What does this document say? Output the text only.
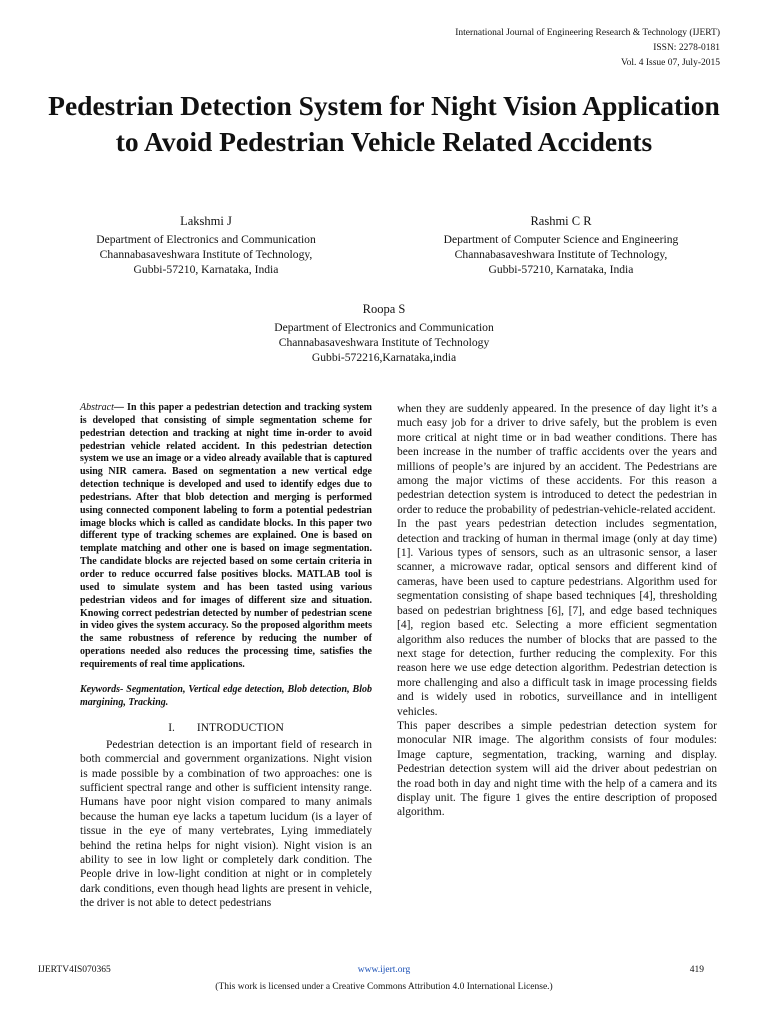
International Journal of Engineering Research & Technology (IJERT)
ISSN: 2278-0181
Vol. 4 Issue 07, July-2015
Pedestrian Detection System for Night Vision Application to Avoid Pedestrian Vehicle Related Accidents
Lakshmi J
Department of Electronics and Communication
Channabasaveshwara Institute of Technology,
Gubbi-57210, Karnataka, India
Rashmi C R
Department of Computer Science and Engineering
Channabasaveshwara Institute of Technology,
Gubbi-57210, Karnataka, India
Roopa S
Department of Electronics and Communication
Channabasaveshwara Institute of Technology
Gubbi-572216,Karnataka,india

Abstract— In this paper a pedestrian detection and tracking system is developed that consisting of simple segmentation scheme for pedestrian detection and tracking at night time in-order to avoid pedestrian vehicle related accident. In this pedestrian detection system we use an image or a video already available that is captured using NIR camera. Based on segmentation a new vertical edge detection technique is developed and used to identify edges due to pedestrians. After that blob detection and merging is performed using connected component labeling to form a potential pedestrian image blocks which is called as candidate blocks. In this paper two different type of tracking schemes are explained. One is based on template matching and other one is based on image segmentation. The candidate blocks are rejected based on some certain criteria in order to reduce occurred false positives blocks. MATLAB tool is used to simulate system and has been tasted using various pedestrian videos and for images of different size and situation. Knowing correct pedestrian detected by number of pedestrian scene in video gives the system accuracy. So the proposed algorithm meets the same robustness of reference by reducing the number of operations needed also reduces the processing time, satisfies the requirements of real time applications.

Keywords- Segmentation, Vertical edge detection, Blob detection, Blob margining, Tracking.

I. INTRODUCTION

Pedestrian detection is an important field of research in both commercial and government organizations. Night vision is made possible by a combination of two approaches: one is sufficient spectral range and other is sufficient intensity range. Humans have poor night vision compared to many animals because the human eye lacks a tapetum lucidum (is a layer of tissue in the eye of many vertebrates, Lying immediately behind the retina helps for night vision). Night vision is an ability to see in low light or completely dark condition. The People drive in low-light condition at night or in completely dark conditions, even though head lights are present in vehicle, the driver is not able to detect pedestrians

when they are suddenly appeared. In the presence of day light it’s a much easy job for a driver to drive safely, but the problem is even more critical at night time or in bad weather conditions. There has been increase in the number of traffic accidents over the years and millions of people’s are injured by an accident. The Pedestrians are among the major victims of these accidents. For this reason a pedestrian detection system is introduced to detect the pedestrian in order to reduce the probability of pedestrian-vehicle-related accident.

In the past years pedestrian detection includes segmentation, detection and tracking of human in thermal image (only at day time) [1]. Various types of sensors, such as an ultrasonic sensor, a laser scanner, a microwave radar, optical sensors and different kind of cameras, have been used to capture pedestrians. Algorithm used for segmentation consisting of shape based techniques [4], thresholding based on pedestrian brightness [6], [7], and edge based techniques [4], region based etc. Selecting a more efficient segmentation algorithm also reduces the number of blocks that are passed to the next stage for detection, further reducing the complexity. For this reason here we use edge detection algorithm. Pedestrian detection is more challenging and also a difficult task in image processing fields and is widely used in robotics, surveillance and in intelligent vehicles.

This paper describes a simple pedestrian detection system for monocular NIR image. The algorithm consists of four modules: Image capture, segmentation, tracking, warning and display. Pedestrian detection system will aid the driver about pedestrian on the road both in day and night time with the help of a camera and its display unit. The figure 1 gives the entire description of proposed algorithm.

IJERTV4IS070365	www.ijert.org	419
(This work is licensed under a Creative Commons Attribution 4.0 International License.)
